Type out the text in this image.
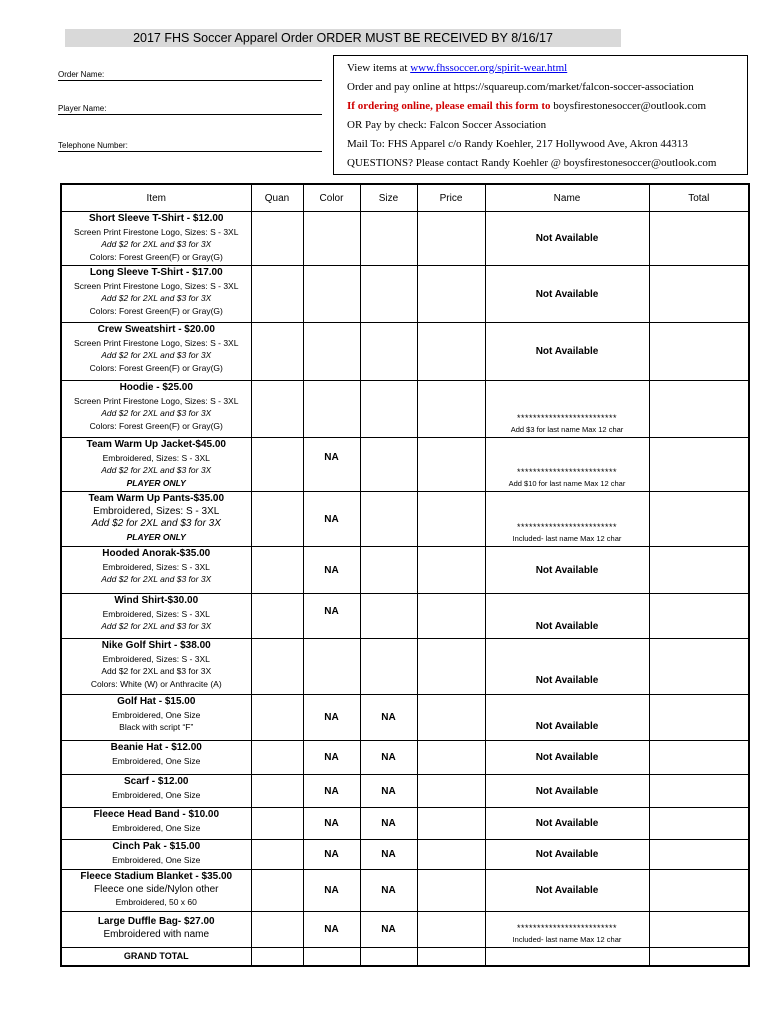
2017 FHS Soccer Apparel Order ORDER MUST BE RECEIVED BY 8/16/17
Order Name:
Player Name:
Telephone Number:
View items at www.fhssoccer.org/spirit-wear.html
Order and pay online at https://squareup.com/market/falcon-soccer-association
If ordering online, please email this form to boysfirestonesoccer@outlook.com
OR Pay by check: Falcon Soccer Association
Mail To: FHS Apparel c/o Randy Koehler, 217 Hollywood Ave, Akron 44313
QUESTIONS? Please contact Randy Koehler @ boysfirestonesoccer@outlook.com
Item	Quan	Color	Size	Price	Name	Total

Short Sleeve T-Shirt - $12.00
Screen Print Firestone Logo, Sizes: S - 3XL
Add $2 for 2XL and $3 for 3X
Colors: Forest Green(F) or Gray(G)					Not Available	

Long Sleeve T-Shirt - $17.00
Screen Print Firestone Logo, Sizes: S - 3XL
Add $2 for 2XL and $3 for 3X
Colors: Forest Green(F) or Gray(G)					Not Available	

Crew Sweatshirt - $20.00
Screen Print Firestone Logo, Sizes: S - 3XL
Add $2 for 2XL and $3 for 3X
Colors: Forest Green(F) or Gray(G)					Not Available	

Hoodie - $25.00
Screen Print Firestone Logo, Sizes: S - 3XL
Add $2 for 2XL and $3 for 3X
Colors: Forest Green(F) or Gray(G)					*************************
Add $3 for last name Max 12 char	

Team Warm Up Jacket-$45.00
Embroidered, Sizes: S - 3XL
Add $2 for 2XL and $3 for 3X
PLAYER ONLY		NA			*************************
Add $10 for last name Max 12 char	

Team Warm Up Pants-$35.00
Embroidered, Sizes: S - 3XL
Add $2 for 2XL and $3 for 3X
PLAYER ONLY		NA			*************************
Included- last name Max 12 char	

Hooded Anorak-$35.00
Embroidered, Sizes: S - 3XL
Add $2 for 2XL and $3 for 3X		NA			Not Available	

Wind Shirt-$30.00
Embroidered, Sizes: S - 3XL
Add $2 for 2XL and $3 for 3X		NA			Not Available	

Nike Golf Shirt - $38.00
Embroidered, Sizes: S - 3XL
Add $2 for 2XL and $3 for 3X
Colors: White (W) or Anthracite (A)					Not Available	

Golf Hat - $15.00
Embroidered, One Size
Black with script “F”		NA	NA		Not Available	

Beanie Hat - $12.00
Embroidered, One Size		NA	NA		Not Available	

Scarf - $12.00
Embroidered, One Size		NA	NA		Not Available	

Fleece Head Band - $10.00
Embroidered, One Size		NA	NA		Not Available	

Cinch Pak - $15.00
Embroidered, One Size		NA	NA		Not Available	

Fleece Stadium Blanket - $35.00
Fleece one side/Nylon other
Embroidered, 50 x 60		NA	NA		Not Available	

Large Duffle Bag- $27.00
Embroidered with name		NA	NA		*************************
Included- last name Max 12 char	

GRAND TOTAL						
